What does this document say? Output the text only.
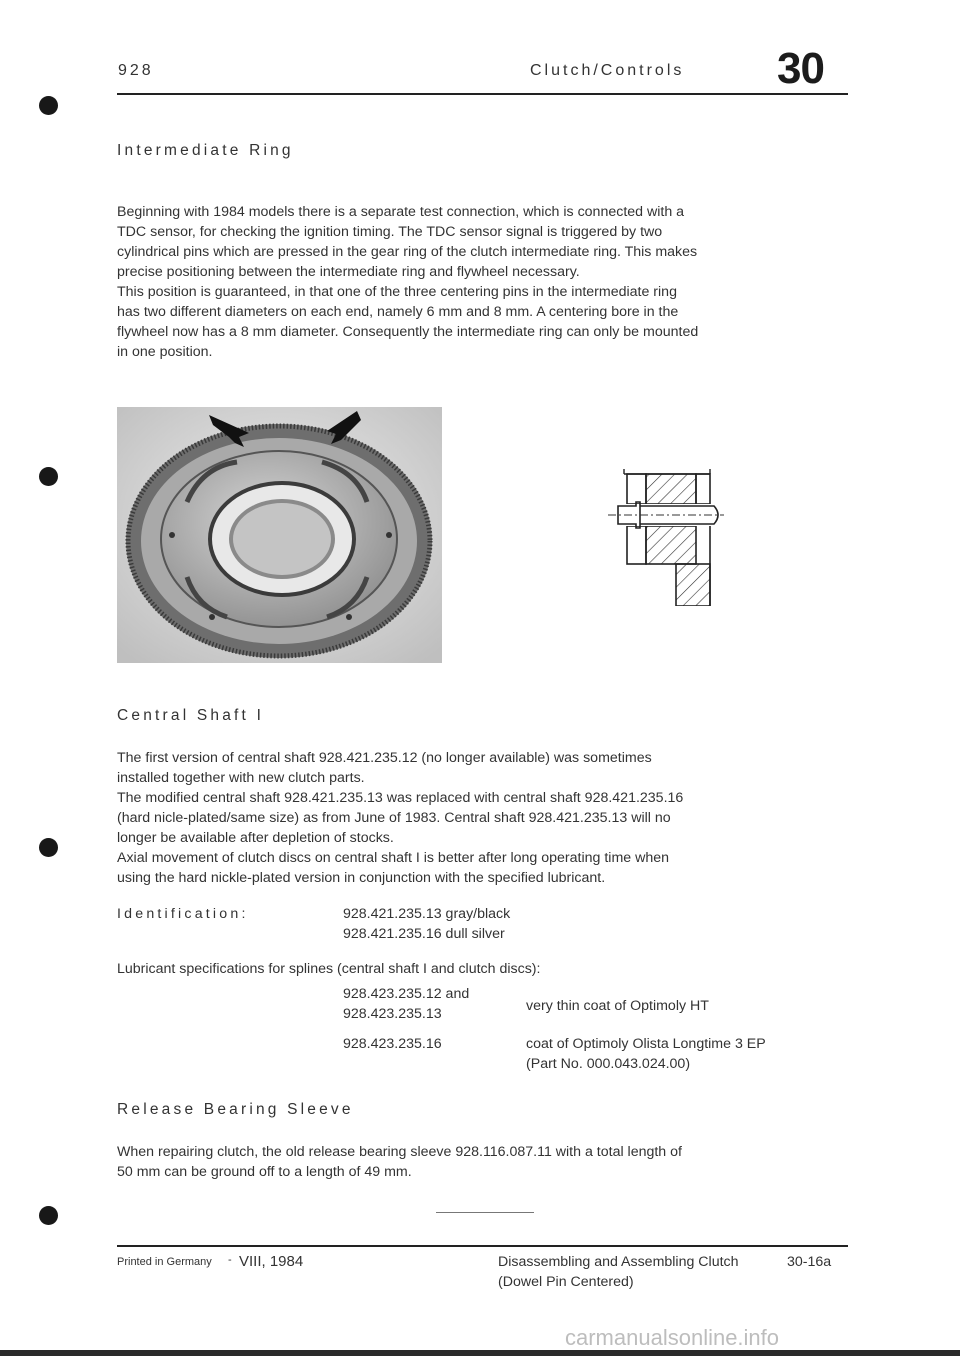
928	Clutch/Controls 30
Intermediate Ring
Beginning with 1984 models there is a separate test connection, which is connected with a
TDC sensor, for checking the ignition timing. The TDC sensor signal is triggered by two
cylindrical pins which are pressed in the gear ring of the clutch intermediate ring. This makes
precise positioning between the intermediate ring and flywheel necessary.
This position is guaranteed, in that one of the three centering pins in the intermediate ring
has two different diameters on each end, namely 6 mm and 8 mm. A centering bore in the
flywheel now has a 8 mm diameter. Consequently the intermediate ring can only be mounted
in one position.
Central Shaft I
The first version of central shaft 928.421.235.12 (no longer available) was sometimes
installed together with new clutch parts.
The modified central shaft 928.421.235.13 was replaced with central shaft 928.421.235.16
(hard nicle-plated/same size) as from June of 1983. Central shaft 928.421.235.13 will no
longer be available after depletion of stocks.
Axial movement of clutch discs on central shaft I is better after long operating time when
using the hard nickle-plated version in conjunction with the specified lubricant.
Identification:	928.421.235.13 gray/black
928.421.235.16 dull silver
Lubricant specifications for splines (central shaft I and clutch discs):
928.423.235.12 and
928.423.235.13	very thin coat of Optimoly HT
928.423.235.16	coat of Optimoly Olista Longtime 3 EP
(Part No. 000.043.024.00)
Release Bearing Sleeve
When repairing clutch, the old release bearing sleeve 928.116.087.11 with a total length of
50 mm can be ground off to a length of 49 mm.
Printed in Germany - VIII, 1984	Disassembling and Assembling Clutch
(Dowel Pin Centered)
30-16a
carmanualsonline.info
